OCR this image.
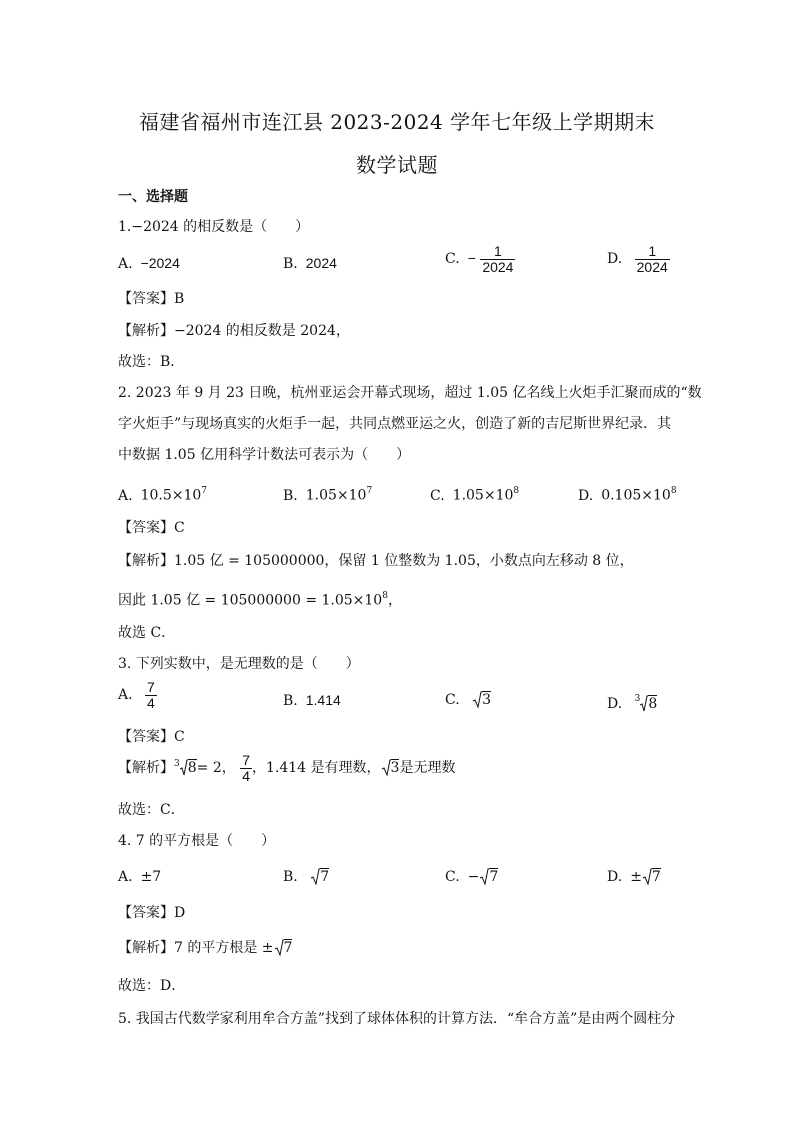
福建省福州市连江县 2023-2024 学年七年级上学期期末
数学试题
一、选择题
1.−2024 的相反数是（　　）
A. −2024	B. 2024	C. − $\frac{1}{2024}$	D. $\frac{1}{2024}$
【答案】B
【解析】−2024 的相反数是 2024，
故选：B．
2. 2023 年 9 月 23 日晚，杭州亚运会开幕式现场，超过 1.05 亿名线上火炬手汇聚而成的“数
字火炬手”与现场真实的火炬手一起，共同点燃亚运之火，创造了新的吉尼斯世界纪录．其
中数据 1.05 亿用科学计数法可表示为（　　）
A. $10.5\times 10^7$	B. $1.05\times 10^7$	C. $1.05\times 10^8$	D. $0.105\times 10^8$
【答案】C
【解析】1.05 亿 = 105000000，保留 1 位整数为 1.05，小数点向左移动 8 位，
因此 1.05 亿 = $105000000 = 1.05\times 10^8$，
故选 C．
3. 下列实数中，是无理数的是（　　）
A. $\frac{7}{4}$	B. 1.414	C. 3	D. $^3$ 8
【答案】C
【解析】$^3$ 8= 2， $\frac{7}{4}$ ，1.414 是有理数， 3是无理数
故选：C．
4. 7 的平方根是（　　）
A. ±7	B. 7	C. − 7	D. ± 7
【答案】D
【解析】7 的平方根是 ± 7
故选：D．
5. 我国古代数学家利用牟合方盖”找到了球体体积的计算方法．“牟合方盖”是由两个圆柱分
